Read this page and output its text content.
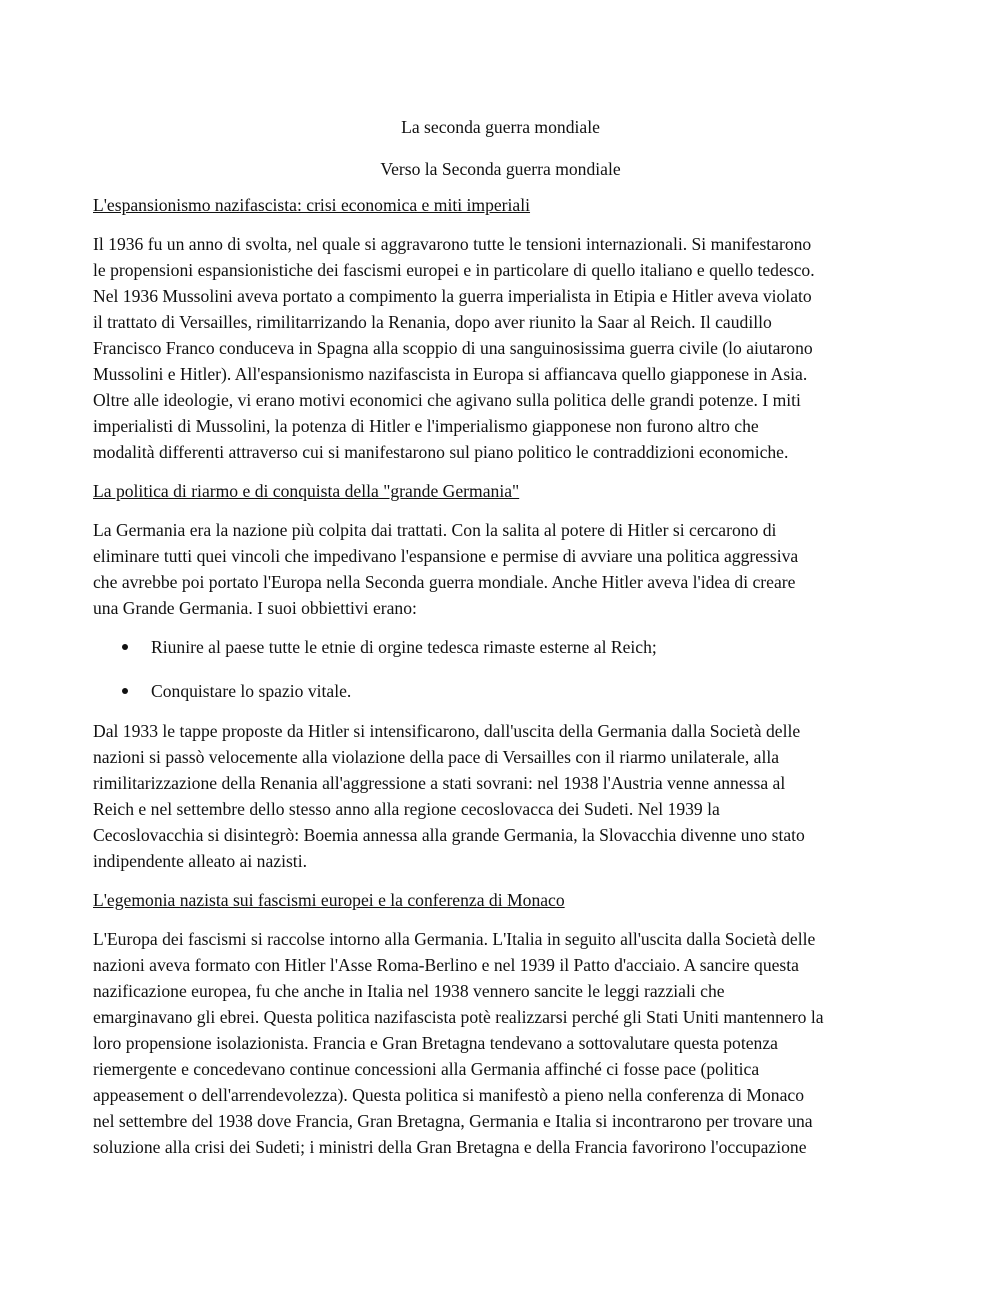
La seconda guerra mondiale

Verso la Seconda guerra mondiale

L'espansionismo nazifascista: crisi economica e miti imperiali

Il 1936 fu un anno di svolta, nel quale si aggravarono tutte le tensioni internazionali. Si manifestarono

le propensioni espansionistiche dei fascismi europei e in particolare di quello italiano e quello tedesco.

Nel 1936 Mussolini aveva portato a compimento la guerra imperialista in Etipia e Hitler aveva violato

il trattato di Versailles, rimilitarrizando la Renania, dopo aver riunito la Saar al Reich. Il caudillo

Francisco Franco conduceva in Spagna alla scoppio di una sanguinosissima guerra civile (lo aiutarono

Mussolini e Hitler). All'espansionismo nazifascista in Europa si affiancava quello giapponese in Asia.

Oltre alle ideologie, vi erano motivi economici che agivano sulla politica delle grandi potenze. I miti

imperialisti di Mussolini, la potenza di Hitler e l'imperialismo giapponese non furono altro che

modalità differenti attraverso cui si manifestarono sul piano politico le contraddizioni economiche.

La politica di riarmo e di conquista della "grande Germania"

La Germania era la nazione più colpita dai trattati. Con la salita al potere di Hitler si cercarono di

eliminare tutti quei vincoli che impedivano l'espansione e permise di avviare una politica aggressiva

che avrebbe poi portato l'Europa nella Seconda guerra mondiale. Anche Hitler aveva l'idea di creare

una Grande Germania. I suoi obbiettivi erano:

Riunire al paese tutte le etnie di orgine tedesca rimaste esterne al Reich;
Conquistare lo spazio vitale.

Dal 1933 le tappe proposte da Hitler si intensificarono, dall'uscita della Germania dalla Società delle

nazioni si passò velocemente alla violazione della pace di Versailles con il riarmo unilaterale, alla

rimilitarizzazione della Renania all'aggressione a stati sovrani: nel 1938 l'Austria venne annessa al

Reich e nel settembre dello stesso anno alla regione cecoslovacca dei Sudeti. Nel 1939 la

Cecoslovacchia si disintegrò: Boemia annessa alla grande Germania, la Slovacchia divenne uno stato

indipendente alleato ai nazisti.

L'egemonia nazista sui fascismi europei e la conferenza di Monaco

L'Europa dei fascismi si raccolse intorno alla Germania. L'Italia in seguito all'uscita dalla Società delle

nazioni aveva formato con Hitler l'Asse Roma-Berlino e nel 1939 il Patto d'acciaio. A sancire questa

nazificazione europea, fu che anche in Italia nel 1938 vennero sancite le leggi razziali che

emarginavano gli ebrei. Questa politica nazifascista potè realizzarsi perché gli Stati Uniti mantennero la

loro propensione isolazionista. Francia e Gran Bretagna tendevano a sottovalutare questa potenza

riemergente e concedevano continue concessioni alla Germania affinché ci fosse pace (politica

appeasement o dell'arrendevolezza). Questa politica si manifestò a pieno nella conferenza di Monaco

nel settembre del 1938 dove Francia, Gran Bretagna, Germania e Italia si incontrarono per trovare una

soluzione alla crisi dei Sudeti; i ministri della Gran Bretagna e della Francia favorirono l'occupazione
